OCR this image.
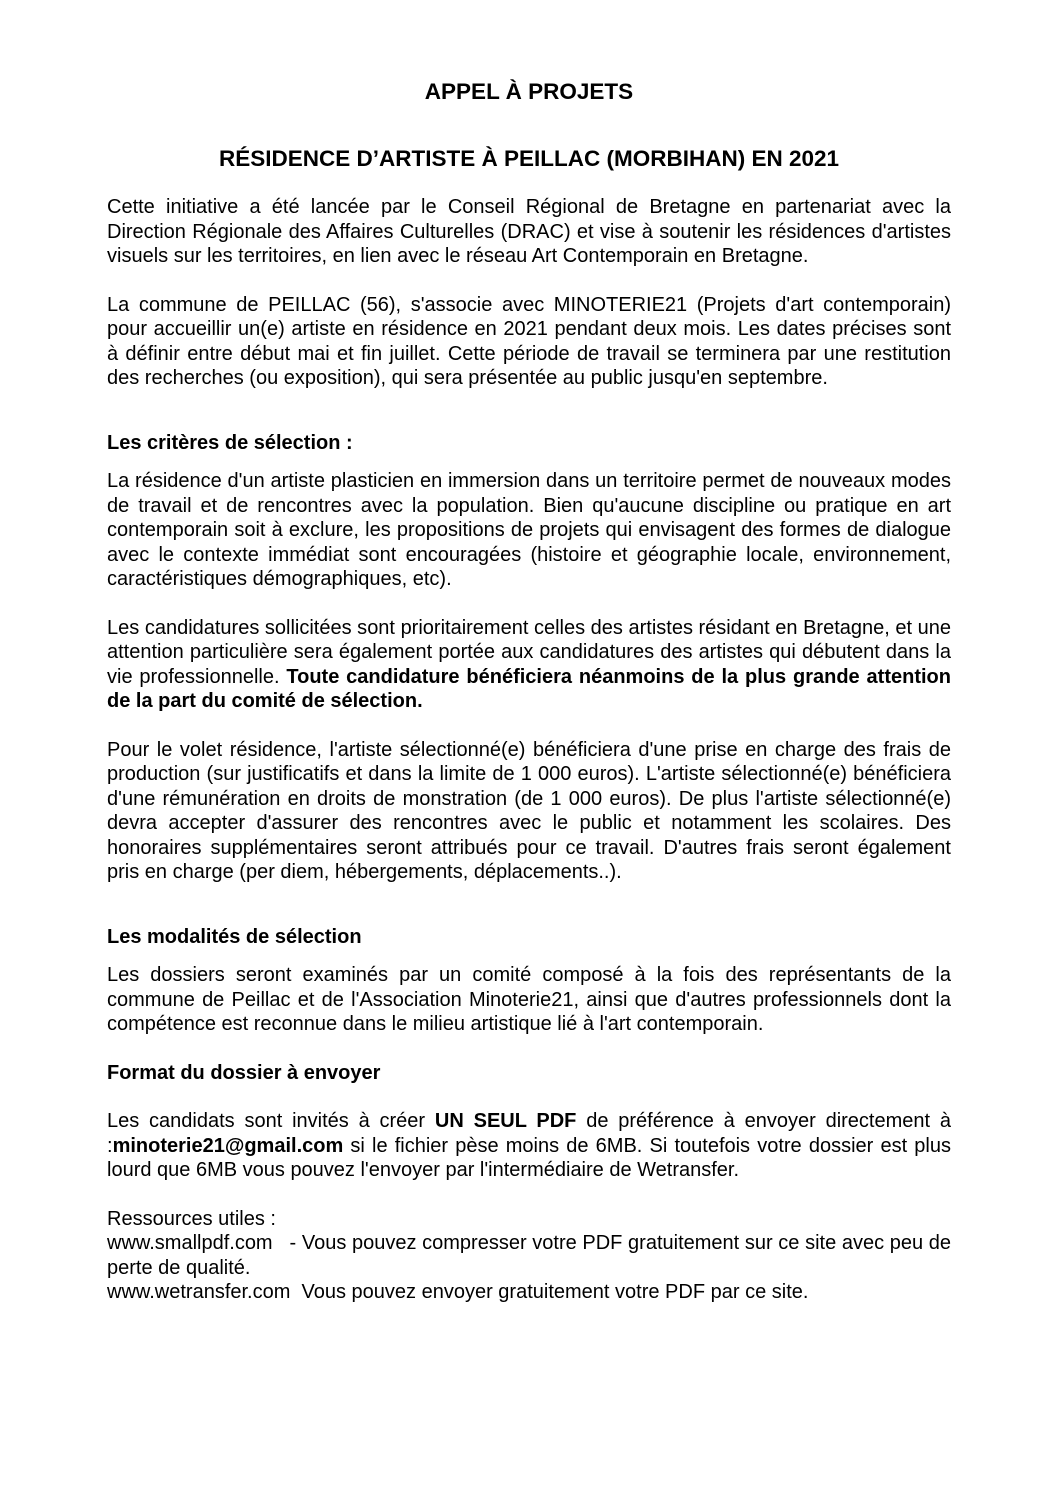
APPEL À PROJETS
RÉSIDENCE D’ARTISTE À PEILLAC (MORBIHAN) EN 2021

Cette initiative a été lancée par le Conseil Régional de Bretagne en partenariat avec la Direction Régionale des Affaires Culturelles (DRAC) et vise à soutenir les résidences d'artistes visuels sur les territoires, en lien avec le réseau Art Contemporain en Bretagne.

La commune de PEILLAC (56), s'associe avec MINOTERIE21 (Projets d'art contemporain) pour accueillir un(e) artiste en résidence en 2021 pendant deux mois. Les dates précises sont à définir entre début mai et fin juillet. Cette période de travail se terminera par une restitution des recherches (ou exposition), qui sera présentée au public jusqu'en septembre.

Les critères de sélection :

La résidence d'un artiste plasticien en immersion dans un territoire permet de nouveaux modes de travail et de rencontres avec la population. Bien qu'aucune discipline ou pratique en art contemporain soit à exclure, les propositions de projets qui envisagent des formes de dialogue avec le contexte immédiat sont encouragées (histoire et géographie locale, environnement, caractéristiques démographiques, etc).

Les candidatures sollicitées sont prioritairement celles des artistes résidant en Bretagne, et une attention particulière sera également portée aux candidatures des artistes qui débutent dans la vie professionnelle. Toute candidature bénéficiera néanmoins de la plus grande attention de la part du comité de sélection.

Pour le volet résidence, l'artiste sélectionné(e) bénéficiera d'une prise en charge des frais de production (sur justificatifs et dans la limite de 1 000 euros). L'artiste sélectionné(e) bénéficiera d'une rémunération en droits de monstration (de 1 000 euros). De plus l'artiste sélectionné(e) devra accepter d'assurer des rencontres avec le public et notamment les scolaires. Des honoraires supplémentaires seront attribués pour ce travail. D'autres frais seront également pris en charge (per diem, hébergements, déplacements..).

Les modalités de sélection

Les dossiers seront examinés par un comité composé à la fois des représentants de la commune de Peillac et de l'Association Minoterie21, ainsi que d'autres professionnels dont la compétence est reconnue dans le milieu artistique lié à l'art contemporain.

Format du dossier à envoyer

Les candidats sont invités à créer UN SEUL PDF de préférence à envoyer directement à :minoterie21@gmail.com si le fichier pèse moins de 6MB. Si toutefois votre dossier est plus lourd que 6MB vous pouvez l'envoyer par l'intermédiaire de Wetransfer.

Ressources utiles :

www.smallpdf.com   - Vous pouvez compresser votre PDF gratuitement sur ce site avec peu de perte de qualité.

www.wetransfer.com  Vous pouvez envoyer gratuitement votre PDF par ce site.
